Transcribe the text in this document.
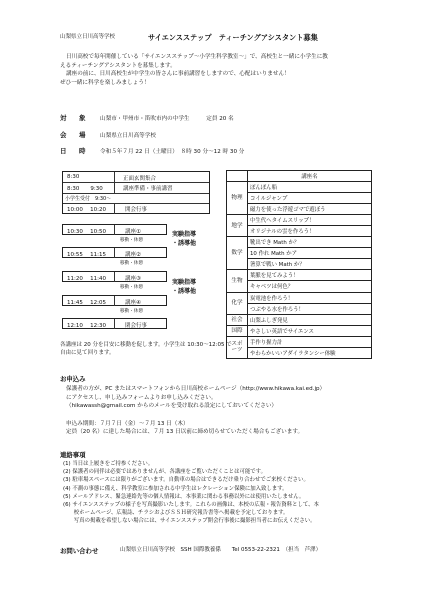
山梨県立日川高等学校	サイエンスステップ　ティーチングアシスタント募集

日川高校で毎年開催している「サイエンスステップ〜小学生科学教室〜」で、高校生と一緒に小学生に教

えるティーチングアシスタントを募集します。

講座の前に、日川高校生が中学生の皆さんに事前講習をしますので、心配はいりません！

ぜひ一緒に科学を楽しみましょう！

対　象 山梨市・甲州市・笛吹市内の中学生　　　定員 20 名
会　場 山梨県立日川高等学校
日　時 令和５年７月 22 日（土曜日）　８時 30 分〜12 時 30 分
8:30	正面玄関集合
8:30　　9:30	講座準備・事前講習
小学生受付　9:30〜
10:00　 10:20	開会行事
10:30　 10:50	講座①
移動・休憩
10:55　 11:15	講座②
移動・休憩
11:20　 11:40	講座③
移動・休憩
11:45　 12:05	講座④
移動・休憩
12:10　 12:30	閉会行事
実験指導
・誘導他
実験指導
・誘導他
	講座名
物理	ぽんぽん船
	コイルジャンプ
	磁力を使った浮遊ゴマで遊ぼう
地学	中生代へタイムスリップ！
	オリジナルの雲を作ろう！
数学	靴出でき Math か？
	10 作れ Math かア
	箸算で戦い Math か？
生物	葉脈を見てみよう！
	キャベツは何色？
化学	炭電池を作ろう！
	つぶやる水を作ろう！
社会	山梨ふしぎ発見
国際	やさしい英語でサイエンス
スポ
ーツ	手作り握力計
	やわらかいいアダイラタンシー体験
各講座は 20 分を目安に移動を促します。小学生は 10:30〜12:05 で
自由に見て回ります。
お申込み

保護者の方が、PC またはスマートフォンから日川高校ホームページ（http://www.hikawa.kai.ed.jp）

にアクセスし、申し込みフォームよりお申し込みください。

（hikawassh@gmail.com からのメールを受け取れる設定にしておいてください）

申込み期間：７月７日（金）〜７月 13 日（木）

定員（20 名）に達した場合には、７月 13 日以前に締め切らせていただく場合もございます。

連絡事項

(1) 当日は上履きをご持参ください。

(2) 保護者の同伴は必要ではありませんが、各講座をご覧いただくことは可能です。

(3) 駐車場スペースには限りがございます。自動車の場合はできるだけ乗り合わせでご来校ください。

(4) 不測の事態に備え、科学教室に参加される中学生はレクレーション保険に加入致します。

(5) メールアドレス、緊急連絡先等の個人情報は、本事業に関わる事務以外には使用いたしません。

(6) サイエンスステップの様子を写真撮影いたします。これらの画像は、本校の広報・報告資料として、本

　　校ホームページ、広報誌、チラシおよびＳＳＨ研究報告書等へ掲載を予定しております。

　　写真の掲載を希望しない場合には、サイエンスステップ開会行事後に撮影担当者にお伝えください。

お問い合わせ	山梨県立日川高等学校　SSH 国際教養係　　Tel 0553-22-2321　（担当　芦澤）
